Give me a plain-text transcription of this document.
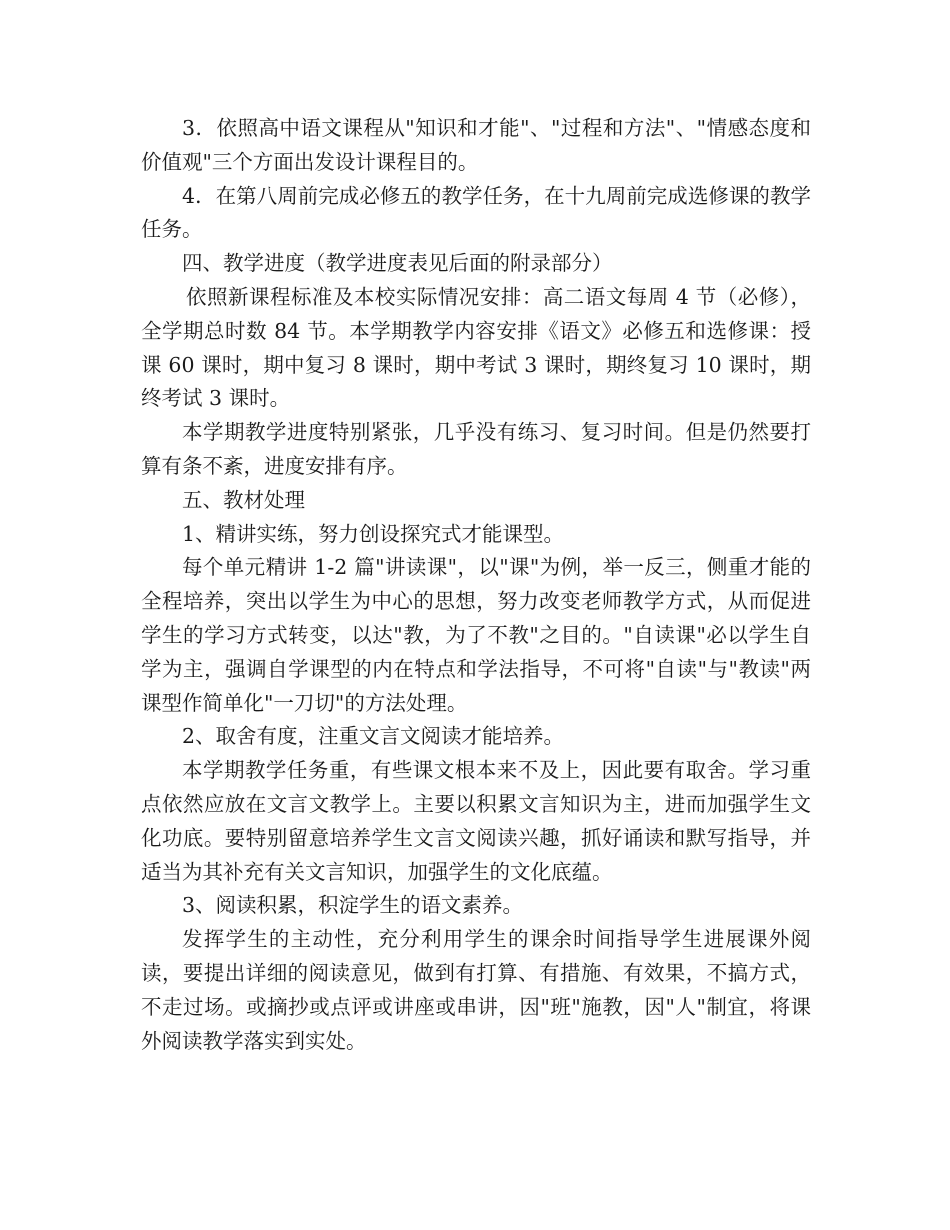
3．依照高中语文课程从"知识和才能"、"过程和方法"、"情感态度和价值观"三个方面出发设计课程目的。

4．在第八周前完成必修五的教学任务，在十九周前完成选修课的教学任务。

四、教学进度（教学进度表见后面的附录部分）

依照新课程标准及本校实际情况安排：高二语文每周 4 节（必修），全学期总时数 84 节。本学期教学内容安排《语文》必修五和选修课：授课 60 课时，期中复习 8 课时，期中考试 3 课时，期终复习 10 课时，期终考试 3 课时。

本学期教学进度特别紧张，几乎没有练习、复习时间。但是仍然要打算有条不紊，进度安排有序。

五、教材处理

1、精讲实练，努力创设探究式才能课型。

每个单元精讲 1-2 篇"讲读课"，以"课"为例，举一反三，侧重才能的全程培养，突出以学生为中心的思想，努力改变老师教学方式，从而促进学生的学习方式转变，以达"教，为了不教"之目的。"自读课"必以学生自学为主，强调自学课型的内在特点和学法指导，不可将"自读"与"教读"两课型作简单化"一刀切"的方法处理。

2、取舍有度，注重文言文阅读才能培养。

本学期教学任务重，有些课文根本来不及上，因此要有取舍。学习重点依然应放在文言文教学上。主要以积累文言知识为主，进而加强学生文化功底。要特别留意培养学生文言文阅读兴趣，抓好诵读和默写指导，并适当为其补充有关文言知识，加强学生的文化底蕴。

3、阅读积累，积淀学生的语文素养。

发挥学生的主动性，充分利用学生的课余时间指导学生进展课外阅读，要提出详细的阅读意见，做到有打算、有措施、有效果，不搞方式，不走过场。或摘抄或点评或讲座或串讲，因"班"施教，因"人"制宜，将课外阅读教学落实到实处。
